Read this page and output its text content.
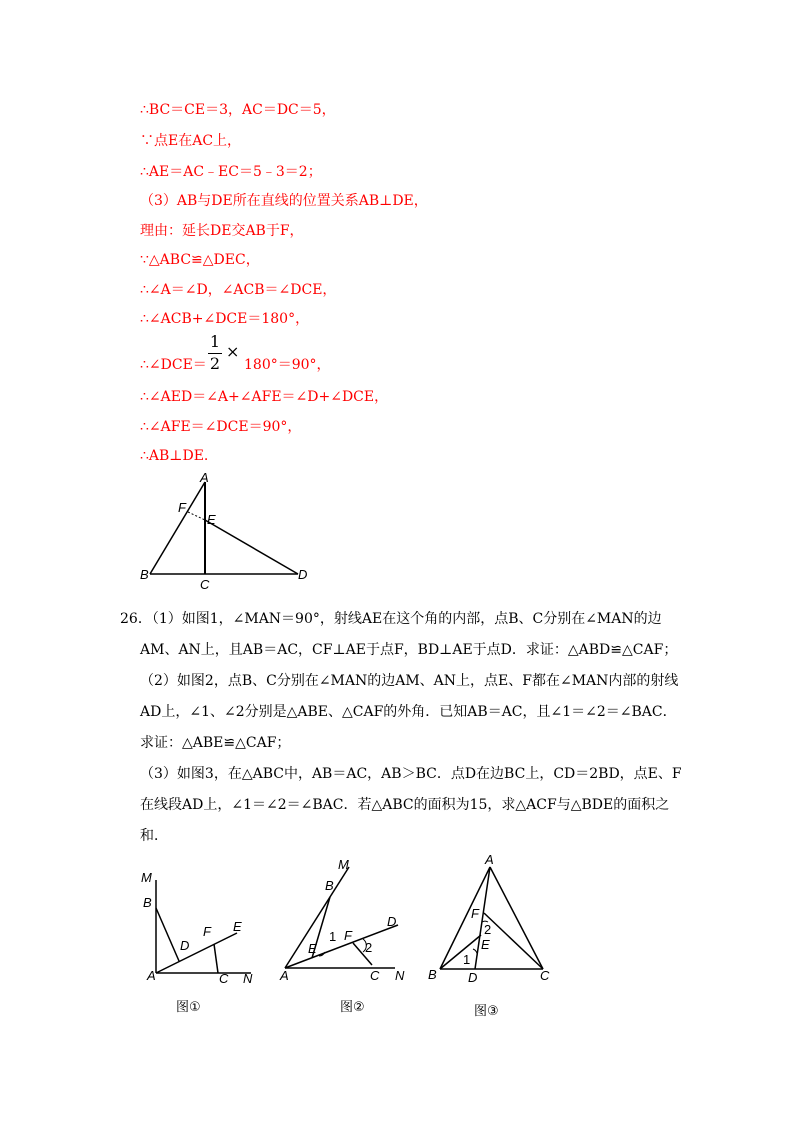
∴BC＝CE＝3，AC＝DC＝5，
∵点E在AC上，
∴AE＝AC﹣EC＝5﹣3＝2；
（3）AB与DE所在直线的位置关系AB⊥DE，
理由：延长DE交AB于F，
∵△ABC≌△DEC，
∴∠A＝∠D，∠ACB＝∠DCE，
∴∠ACB+∠DCE＝180°，
∴∠DCE＝
1
2
×
180°＝90°，
∴∠AED＝∠A+∠AFE＝∠D+∠DCE，
∴∠AFE＝∠DCE＝90°，
∴AB⊥DE.
A
F
E
B
C
D
26．（1）如图1，∠MAN＝90°，射线AE在这个角的内部，点B、C分别在∠MAN的边
AM、AN上，且AB＝AC，CF⊥AE于点F，BD⊥AE于点D．求证：△ABD≌△CAF；
（2）如图2，点B、C分别在∠MAN的边AM、AN上，点E、F都在∠MAN内部的射线
AD上，∠1、∠2分别是△ABE、△CAF的外角．已知AB＝AC，且∠1＝∠2＝∠BAC．
求证：△ABE≌△CAF；
（3）如图3，在△ABC中，AB＝AC，AB＞BC．点D在边BC上，CD＝2BD，点E、F
在线段AD上，∠1＝∠2＝∠BAC．若△ABC的面积为15，求△ACF与△BDE的面积之
和．
M
B
D
F E
A	C N
图①
M
B
D
E
1 F
2
A	C N
图②
A
F
2
E
1
B D	C
图③
